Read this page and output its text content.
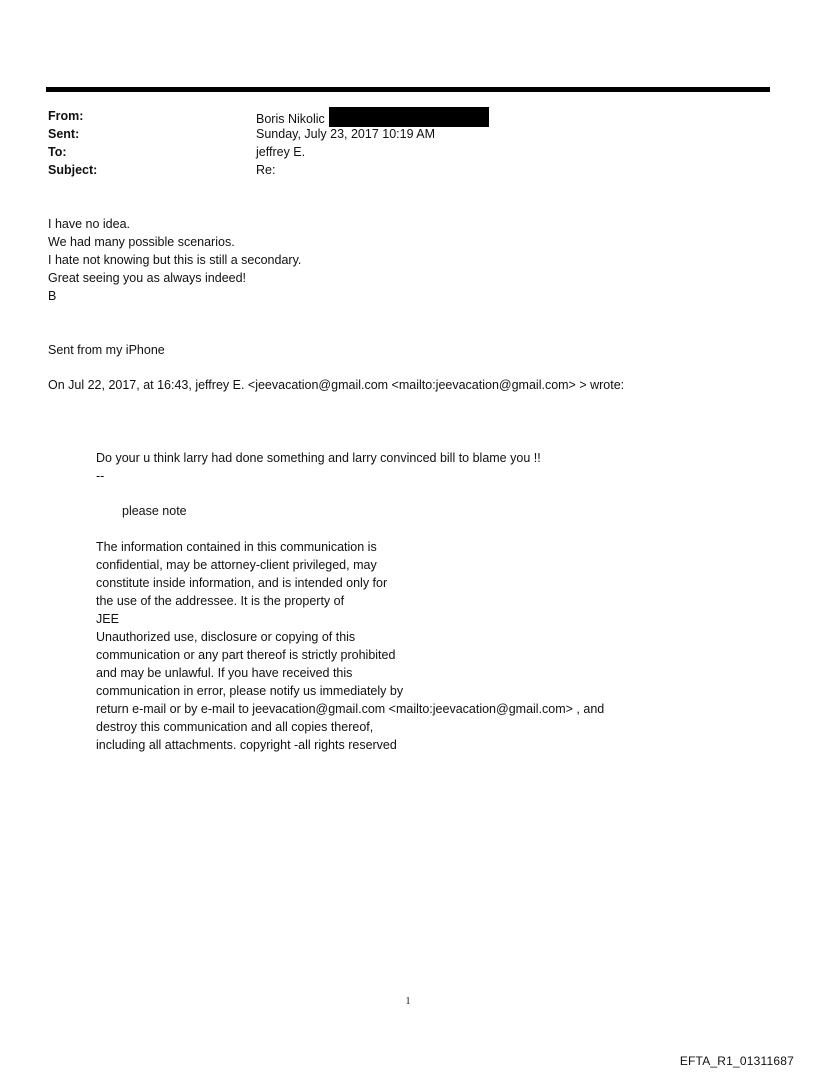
From:	Boris Nikolic
Sent:	Sunday, July 23, 2017 10:19 AM
To:	jeffrey E.
Subject:	Re:
I have no idea.
We had many possible scenarios.
I hate not knowing but this is still a secondary.
Great seeing you as always indeed!
B
Sent from my iPhone
On Jul 22, 2017, at 16:43, jeffrey E. <jeevacation@gmail.com <mailto:jeevacation@gmail.com> > wrote:
Do your u think larry had done something and larry convinced bill to blame you !!
--
please note
The information contained in this communication is
confidential, may be attorney-client privileged, may
constitute inside information, and is intended only for
the use of the addressee. It is the property of
JEE
Unauthorized use, disclosure or copying of this
communication or any part thereof is strictly prohibited
and may be unlawful. If you have received this
communication in error, please notify us immediately by
return e-mail or by e-mail to jeevacation@gmail.com <mailto:jeevacation@gmail.com> , and
destroy this communication and all copies thereof,
including all attachments. copyright -all rights reserved
1
EFTA_R1_01311687
